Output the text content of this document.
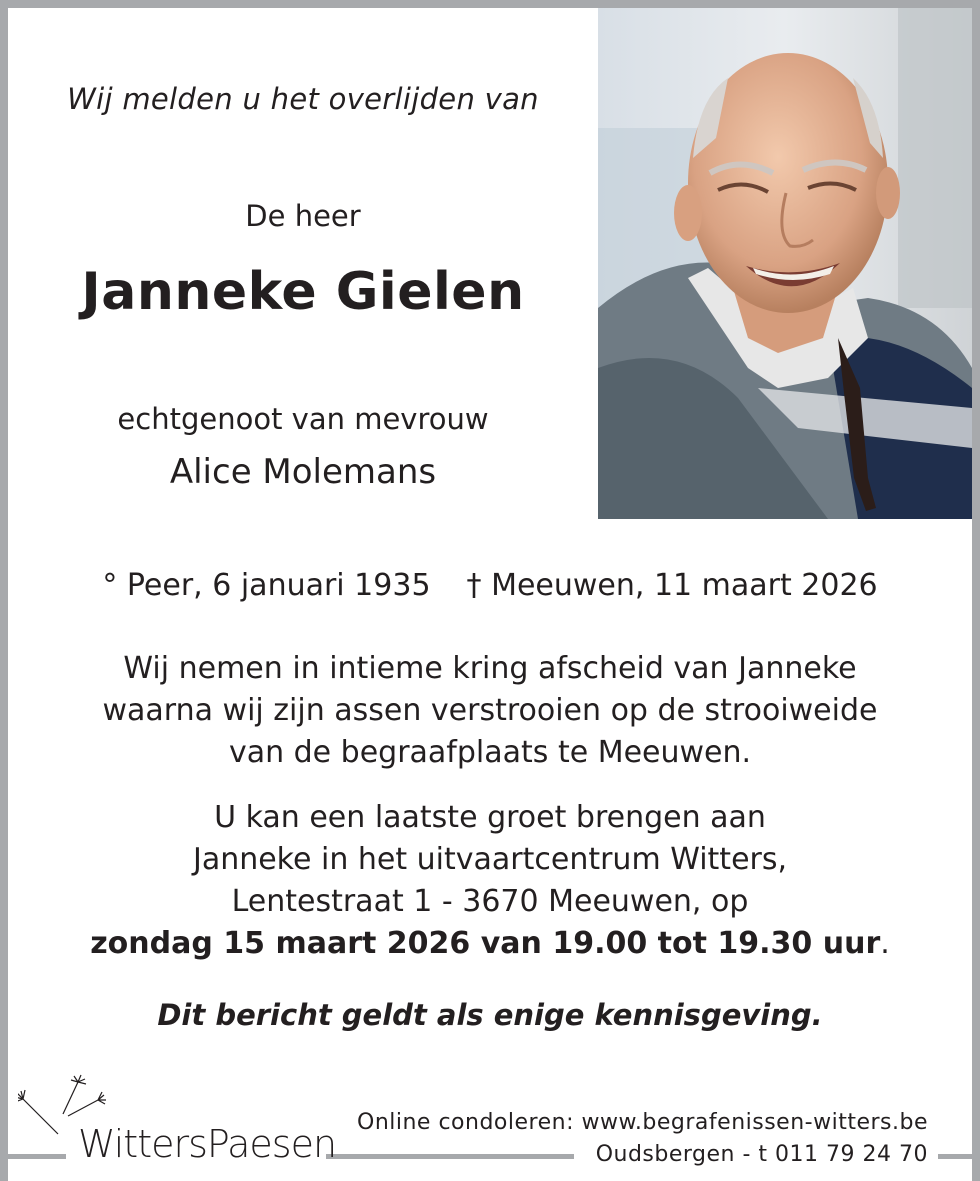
Wij melden u het overlijden van
De heer
Janneke Gielen
echtgenoot van mevrouw
Alice Molemans
° Peer, 6 januari 1935 † Meeuwen, 11 maart 2026
Wij nemen in intieme kring afscheid van Janneke
waarna wij zijn assen verstrooien op de strooiweide
van de begraafplaats te Meeuwen.
U kan een laatste groet brengen aan
Janneke in het uitvaartcentrum Witters,
Lentestraat 1 - 3670 Meeuwen, op
zondag 15 maart 2026 van 19.00 tot 19.30 uur.
Dit bericht geldt als enige kennisgeving.
WittersPaesen Online condoleren: www.begrafenissen-witters.be
Oudsbergen - t 011 79 24 70
